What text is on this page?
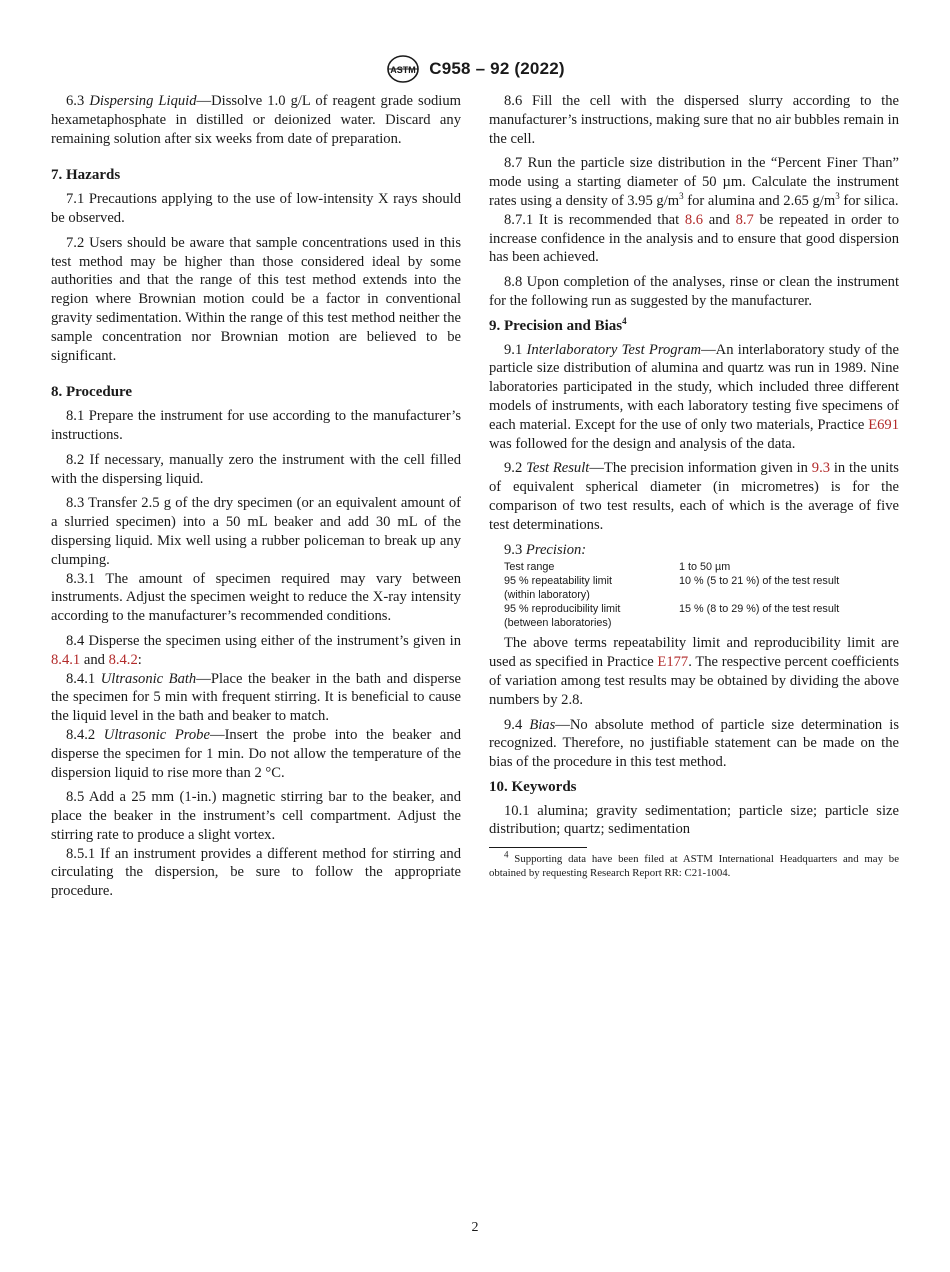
ASTM C958 – 92 (2022)

6.3 Dispersing Liquid—Dissolve 1.0 g/L of reagent grade sodium hexametaphosphate in distilled or deionized water. Discard any remaining solution after six weeks from date of preparation.

7. Hazards

7.1 Precautions applying to the use of low-intensity X rays should be observed.

7.2 Users should be aware that sample concentrations used in this test method may be higher than those considered ideal by some authorities and that the range of this test method extends into the region where Brownian motion could be a factor in conventional gravity sedimentation. Within the range of this test method neither the sample concentration nor Brownian motion are believed to be significant.

8. Procedure

8.1 Prepare the instrument for use according to the manufacturer’s instructions.

8.2 If necessary, manually zero the instrument with the cell filled with the dispersing liquid.

8.3 Transfer 2.5 g of the dry specimen (or an equivalent amount of a slurried specimen) into a 50 mL beaker and add 30 mL of the dispersing liquid. Mix well using a rubber policeman to break up any clumping.

8.3.1 The amount of specimen required may vary between instruments. Adjust the specimen weight to reduce the X-ray intensity according to the manufacturer’s recommended conditions.

8.4 Disperse the specimen using either of the instrument’s given in 8.4.1 and 8.4.2:

8.4.1 Ultrasonic Bath—Place the beaker in the bath and disperse the specimen for 5 min with frequent stirring. It is beneficial to cause the liquid level in the bath and beaker to match.

8.4.2 Ultrasonic Probe—Insert the probe into the beaker and disperse the specimen for 1 min. Do not allow the temperature of the dispersion liquid to rise more than 2 °C.

8.5 Add a 25 mm (1-in.) magnetic stirring bar to the beaker, and place the beaker in the instrument’s cell compartment. Adjust the stirring rate to produce a slight vortex.

8.5.1 If an instrument provides a different method for stirring and circulating the dispersion, be sure to follow the appropriate procedure.

8.6 Fill the cell with the dispersed slurry according to the manufacturer’s instructions, making sure that no air bubbles remain in the cell.

8.7 Run the particle size distribution in the “Percent Finer Than” mode using a starting diameter of 50 µm. Calculate the instrument rates using a density of 3.95 $g/m^3$ for alumina and 2.65 $g/m^3$ for silica.

8.7.1 It is recommended that 8.6 and 8.7 be repeated in order to increase confidence in the analysis and to ensure that good dispersion has been achieved.

8.8 Upon completion of the analyses, rinse or clean the instrument for the following run as suggested by the manufacturer.

9. Precision and Bias$^4$

9.1 Interlaboratory Test Program—An interlaboratory study of the particle size distribution of alumina and quartz was run in 1989. Nine laboratories participated in the study, which included three different models of instruments, with each laboratory testing five specimens of each material. Except for the use of only two materials, Practice E691 was followed for the design and analysis of the data.

9.2 Test Result—The precision information given in 9.3 in the units of equivalent spherical diameter (in micrometres) is for the comparison of two test results, each of which is the average of five test determinations.

9.3 Precision:

Test range	1 to 50 µm
95 % repeatability limit
(within laboratory)	10 % (5 to 21 %) of the test result
95 % reproducibility limit
(between laboratories)	15 % (8 to 29 %) of the test result

The above terms repeatability limit and reproducibility limit are used as specified in Practice E177. The respective percent coefficients of variation among test results may be obtained by dividing the above numbers by 2.8.

9.4 Bias—No absolute method of particle size determination is recognized. Therefore, no justifiable statement can be made on the bias of the procedure in this test method.

10. Keywords

10.1 alumina; gravity sedimentation; particle size; particle size distribution; quartz; sedimentation

$^4$ Supporting data have been filed at ASTM International Headquarters and may be obtained by requesting Research Report RR: C21-1004.

2
